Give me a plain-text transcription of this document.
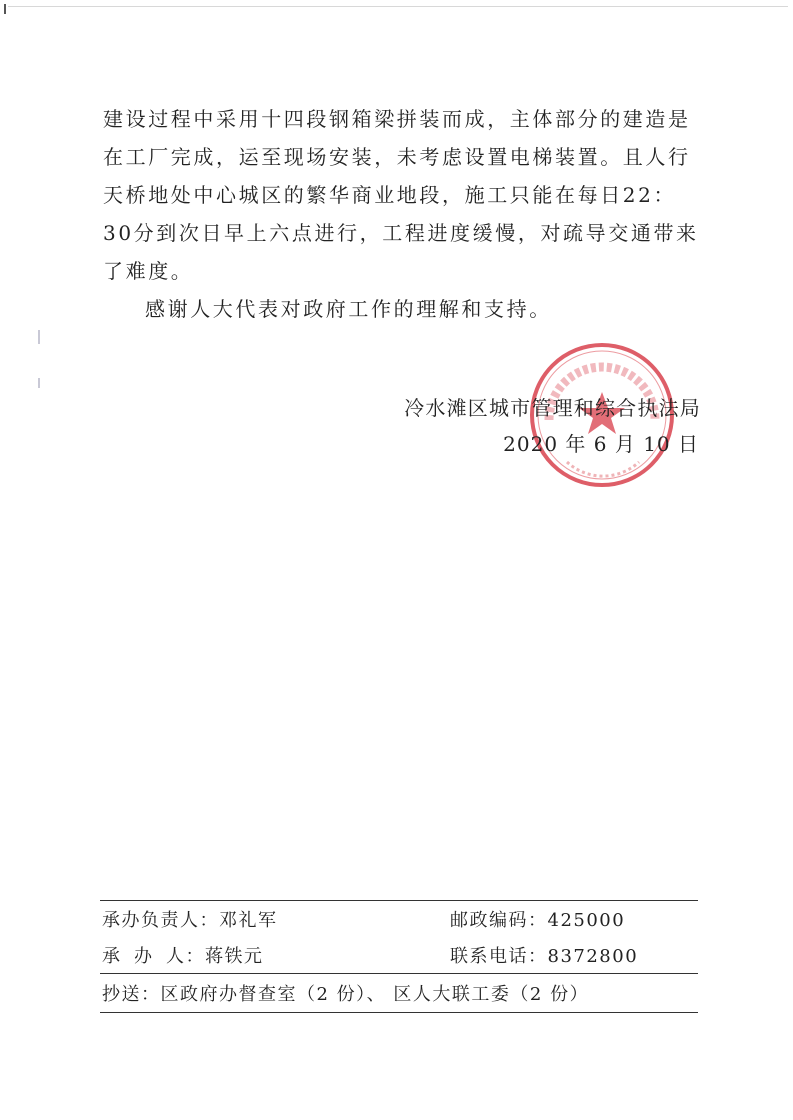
建设过程中采用十四段钢箱梁拼装而成，主体部分的建造是在工厂完成，运至现场安装，未考虑设置电梯装置。且人行天桥地处中心城区的繁华商业地段，施工只能在每日22：30分到次日早上六点进行，工程进度缓慢，对疏导交通带来了难度。

感谢人大代表对政府工作的理解和支持。

冷水滩区城市管理和综合执法局
2020 年 6 月 10 日
承办负责人：邓礼军	邮政编码：425000
承办人：蒋铁元	联系电话：8372800
抄送：区政府办督查室（2 份）、 区人大联工委（2 份）
